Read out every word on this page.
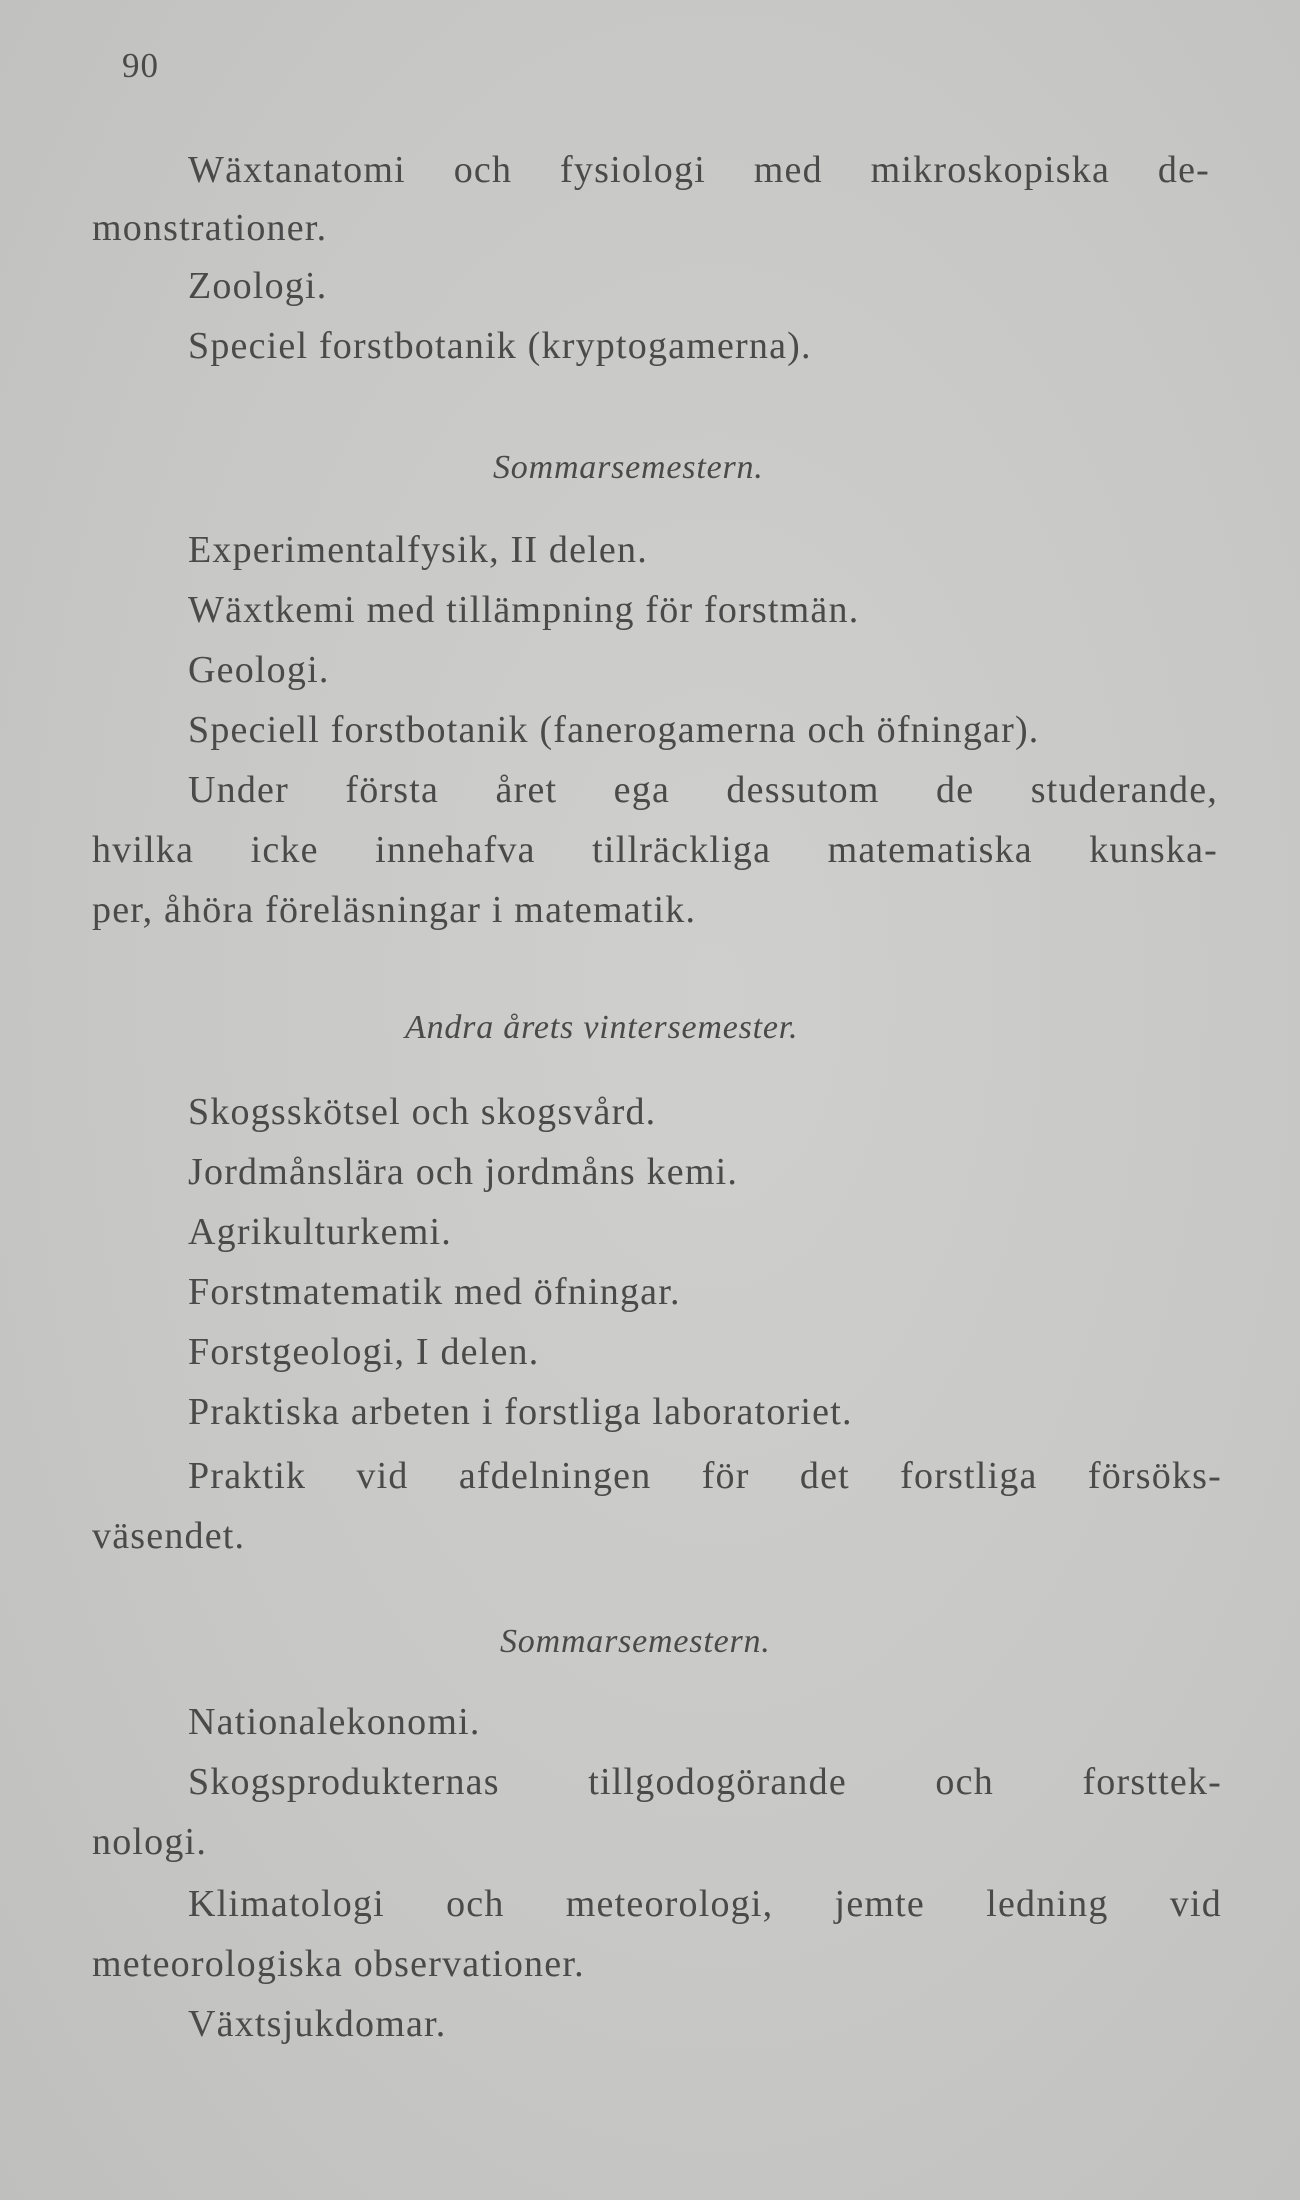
90

Wäxtanatomi och fysiologi med mikroskopiska de-

monstrationer.

Zoologi.

Speciel forstbotanik (kryptogamerna).

Sommarsemestern.

Experimentalfysik, II delen.

Wäxtkemi med tillämpning för forstmän.

Geologi.

Speciell forstbotanik (fanerogamerna och öfningar).

Under första året ega dessutom de studerande,

hvilka icke innehafva tillräckliga matematiska kunska-

per, åhöra föreläsningar i matematik.

Andra årets vintersemester.

Skogsskötsel och skogsvård.

Jordmånslära och jordmåns kemi.

Agrikulturkemi.

Forstmatematik med öfningar.

Forstgeologi, I delen.

Praktiska arbeten i forstliga laboratoriet.

Praktik vid afdelningen för det forstliga försöks-

väsendet.

Sommarsemestern.

Nationalekonomi.

Skogsprodukternas tillgodogörande och forsttek-

nologi.

Klimatologi och meteorologi, jemte ledning vid

meteorologiska observationer.

Växtsjukdomar.
